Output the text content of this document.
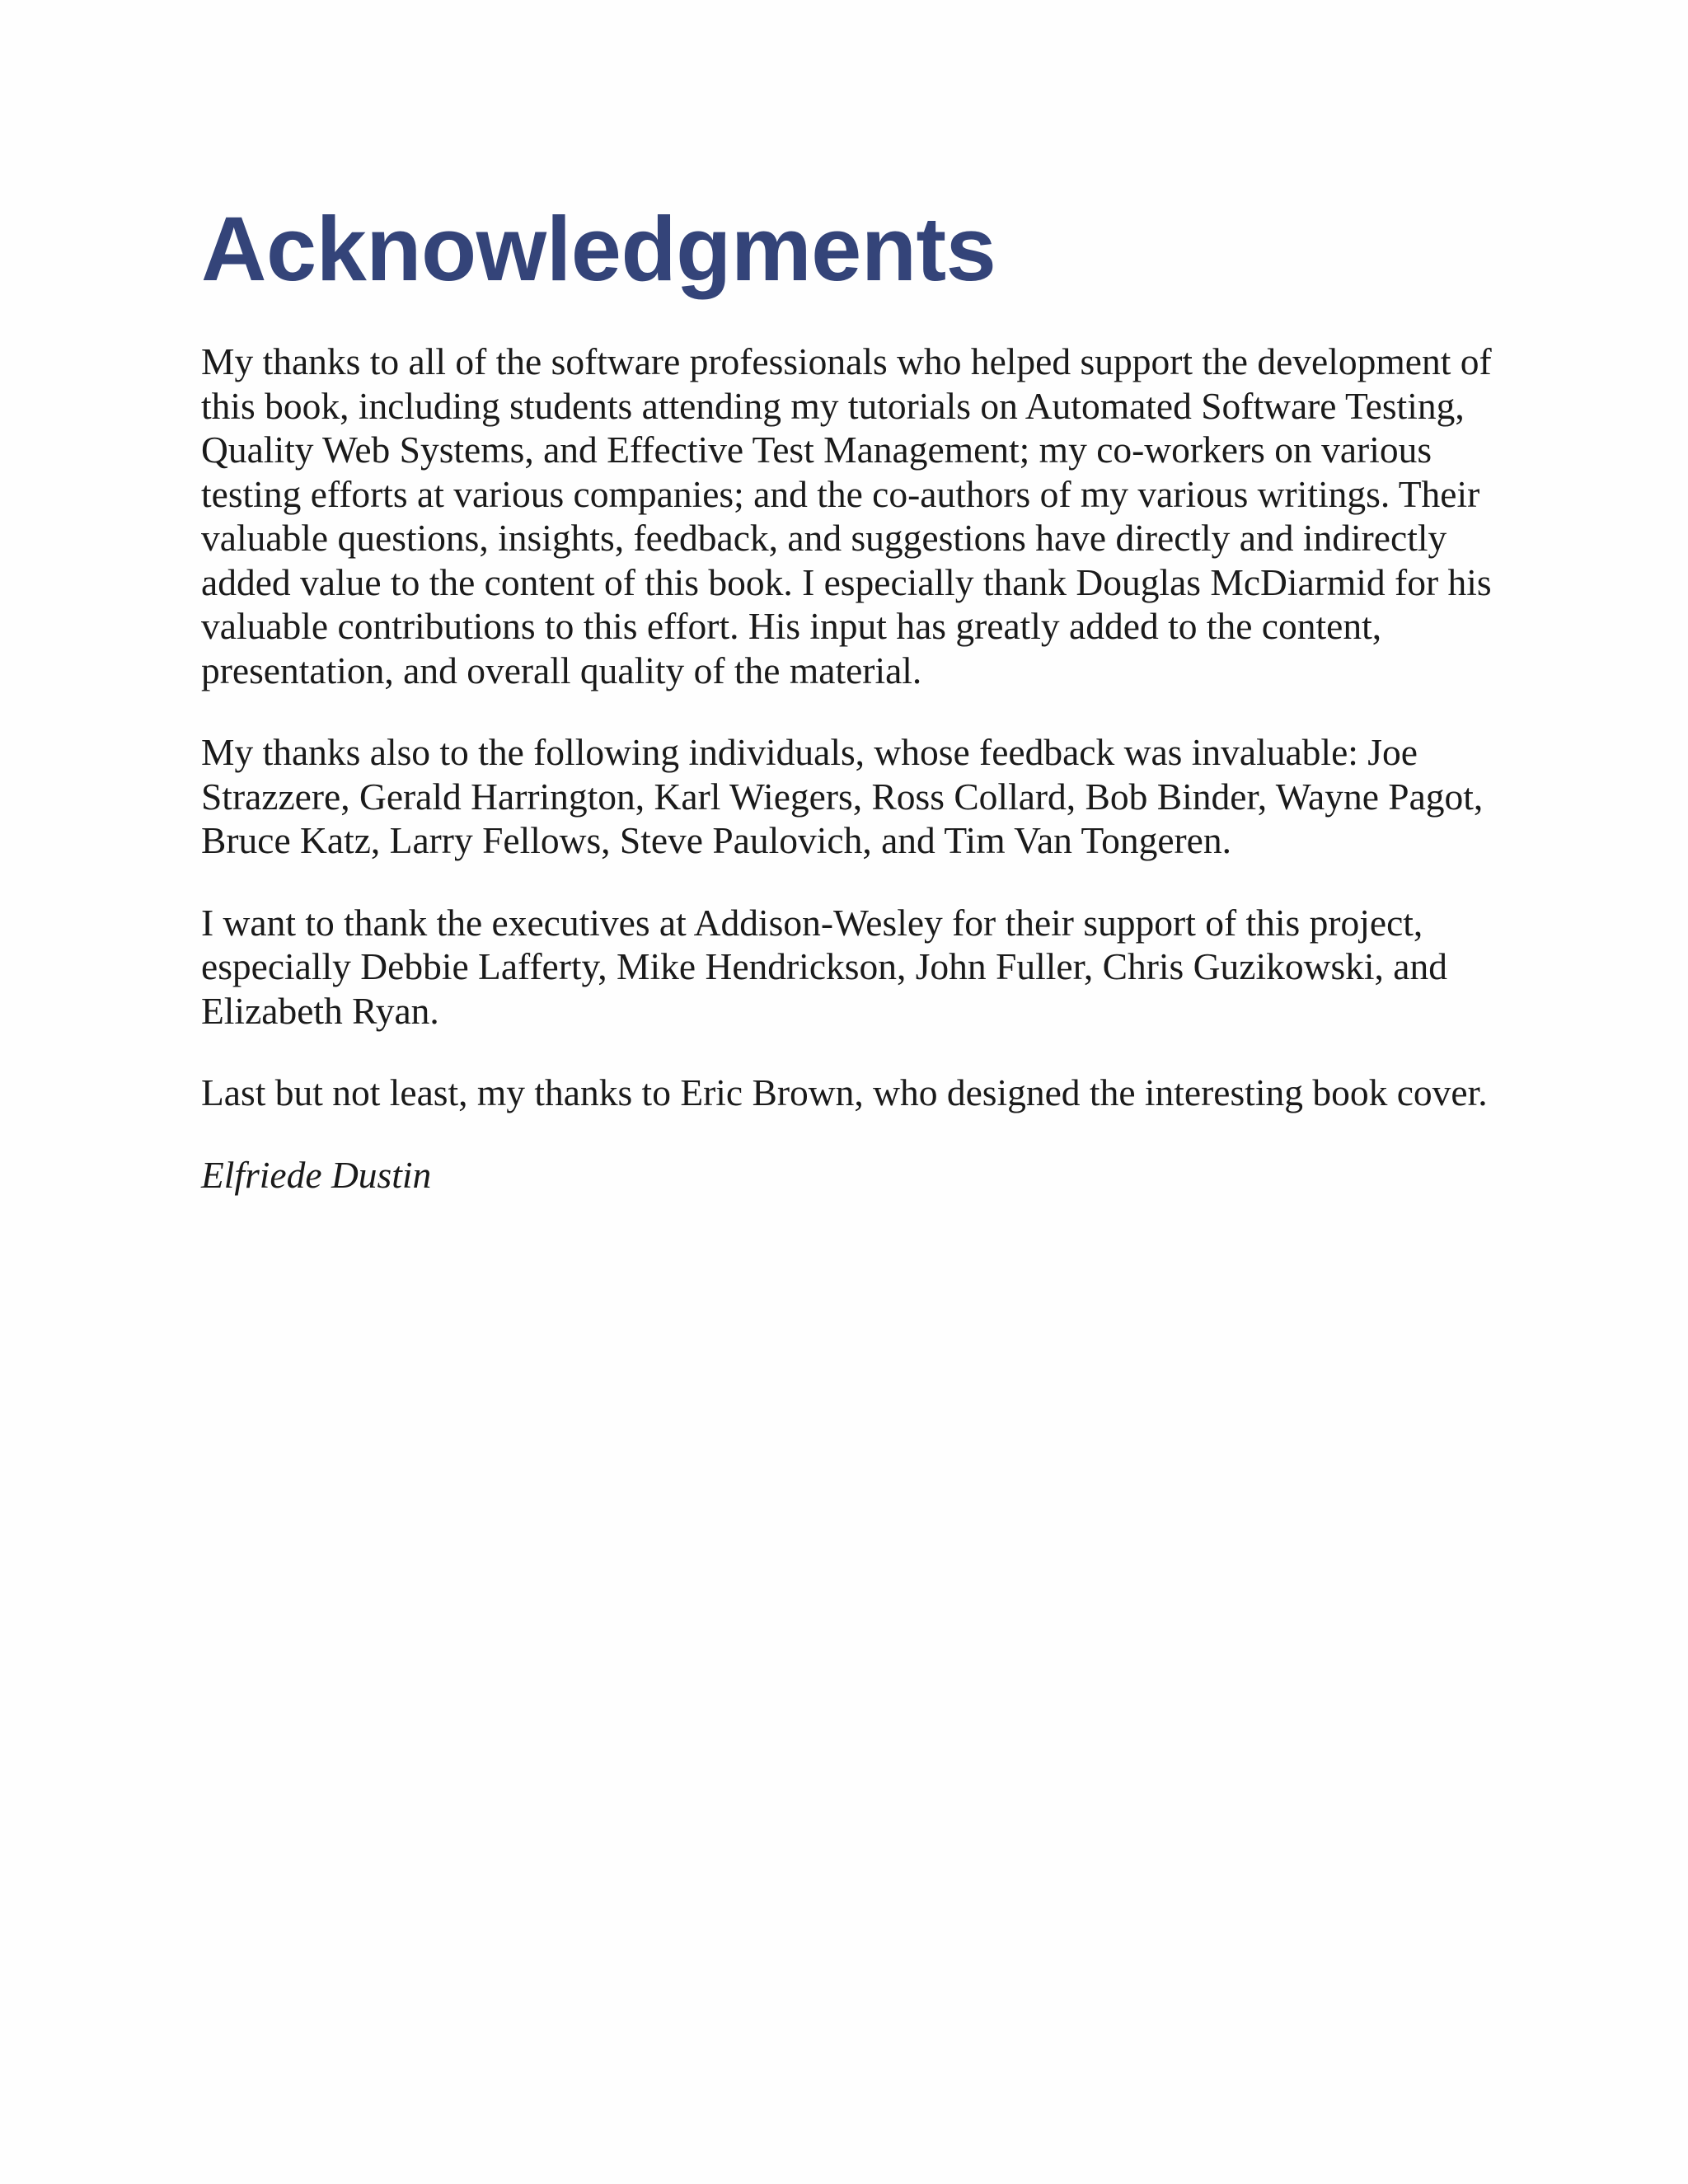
Acknowledgments

My thanks to all of the software professionals who helped support the development of this book, including students attending my tutorials on Automated Software Testing, Quality Web Systems, and Effective Test Management; my co-workers on various testing efforts at various companies; and the co-authors of my various writings. Their valuable questions, insights, feedback, and suggestions have directly and indirectly added value to the content of this book. I especially thank Douglas McDiarmid for his valuable contributions to this effort. His input has greatly added to the content, presentation, and overall quality of the material.

My thanks also to the following individuals, whose feedback was invaluable: Joe Strazzere, Gerald Harrington, Karl Wiegers, Ross Collard, Bob Binder, Wayne Pagot, Bruce Katz, Larry Fellows, Steve Paulovich, and Tim Van Tongeren.

I want to thank the executives at Addison-Wesley for their support of this project, especially Debbie Lafferty, Mike Hendrickson, John Fuller, Chris Guzikowski, and Elizabeth Ryan.

Last but not least, my thanks to Eric Brown, who designed the interesting book cover.

Elfriede Dustin
